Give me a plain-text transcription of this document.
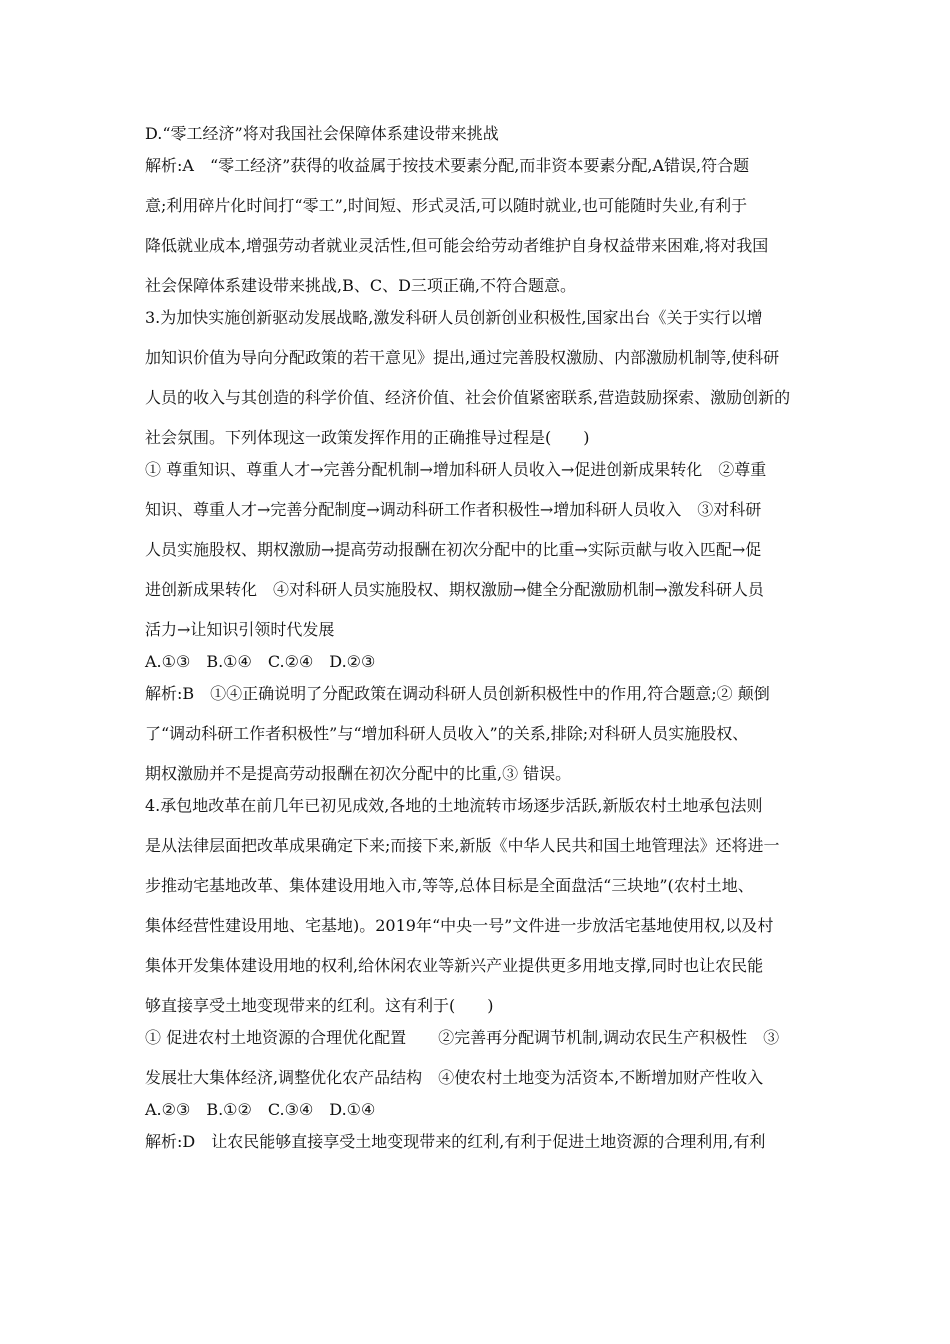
D.“零工经济”将对我国社会保障体系建设带来挑战
解析:A　“零工经济”获得的收益属于按技术要素分配,而非资本要素分配,A错误,符合题
意;利用碎片化时间打“零工”,时间短、形式灵活,可以随时就业,也可能随时失业,有利于
降低就业成本,增强劳动者就业灵活性,但可能会给劳动者维护自身权益带来困难,将对我国
社会保障体系建设带来挑战,B、C、D三项正确,不符合题意。
3.为加快实施创新驱动发展战略,激发科研人员创新创业积极性,国家出台《关于实行以增
加知识价值为导向分配政策的若干意见》提出,通过完善股权激励、内部激励机制等,使科研
人员的收入与其创造的科学价值、经济价值、社会价值紧密联系,营造鼓励探索、激励创新的
社会氛围。下列体现这一政策发挥作用的正确推导过程是(　　)
① 尊重知识、尊重人才→完善分配机制→增加科研人员收入→促进创新成果转化　②尊重
知识、尊重人才→完善分配制度→调动科研工作者积极性→增加科研人员收入　③对科研
人员实施股权、期权激励→提高劳动报酬在初次分配中的比重→实际贡献与收入匹配→促
进创新成果转化　④对科研人员实施股权、期权激励→健全分配激励机制→激发科研人员
活力→让知识引领时代发展
A.①③　B.①④　C.②④　D.②③
解析:B　①④正确说明了分配政策在调动科研人员创新积极性中的作用,符合题意;② 颠倒
了“调动科研工作者积极性”与“增加科研人员收入”的关系,排除;对科研人员实施股权、
期权激励并不是提高劳动报酬在初次分配中的比重,③ 错误。
4.承包地改革在前几年已初见成效,各地的土地流转市场逐步活跃,新版农村土地承包法则
是从法律层面把改革成果确定下来;而接下来,新版《中华人民共和国土地管理法》还将进一
步推动宅基地改革、集体建设用地入市,等等,总体目标是全面盘活“三块地”(农村土地、
集体经营性建设用地、宅基地)。2019年“中央一号”文件进一步放活宅基地使用权,以及村
集体开发集体建设用地的权利,给休闲农业等新兴产业提供更多用地支撑,同时也让农民能
够直接享受土地变现带来的红利。这有利于(　　)
① 促进农村土地资源的合理优化配置　　②完善再分配调节机制,调动农民生产积极性　③
发展壮大集体经济,调整优化农产品结构　④使农村土地变为活资本,不断增加财产性收入
A.②③　B.①②　C.③④　D.①④
解析:D　让农民能够直接享受土地变现带来的红利,有利于促进土地资源的合理利用,有利
